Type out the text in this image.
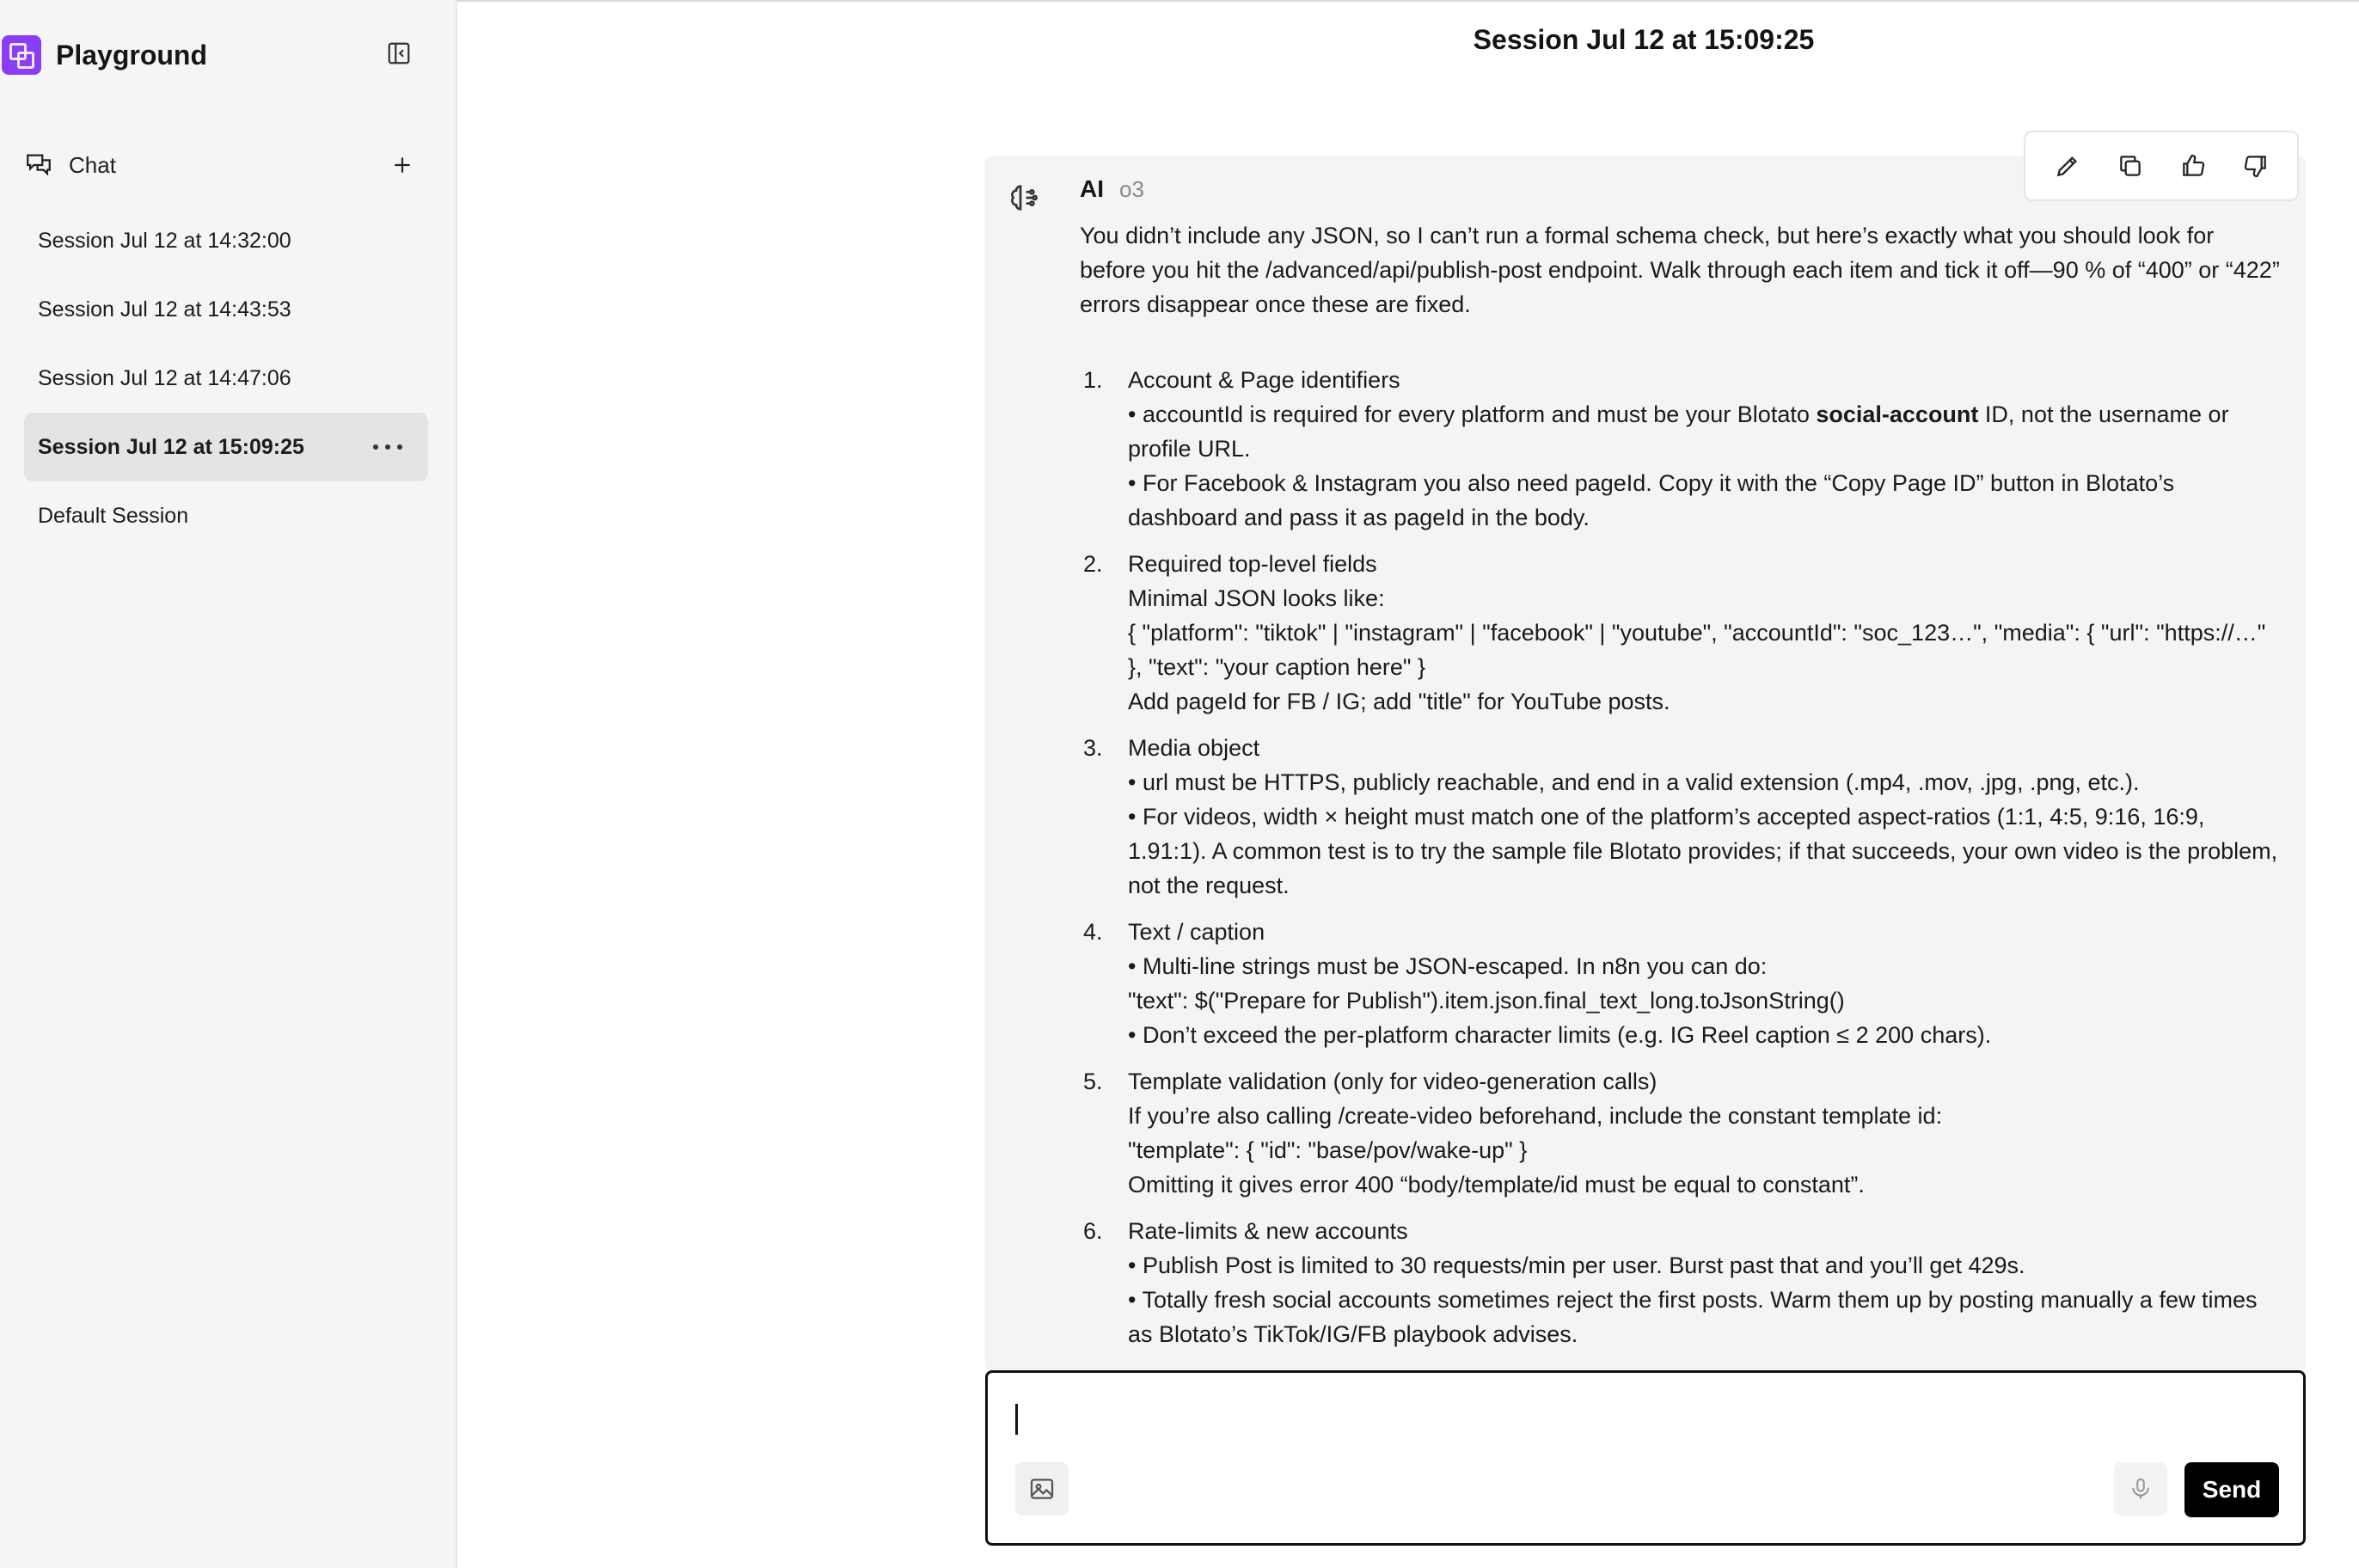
Playground
Chat
Session Jul 12 at 14:32:00
Session Jul 12 at 14:43:53
Session Jul 12 at 14:47:06
Session Jul 12 at 15:09:25
Default Session
Session Jul 12 at 15:09:25
AI o3
You didn’t include any JSON, so I can’t run a formal schema check, but here’s exactly what you should look for before you hit the /advanced/api/publish-post endpoint. Walk through each item and tick it off—90 % of “400” or “422” errors disappear once these are fixed.
1.	Account & Page identifiers
• accountId is required for every platform and must be your Blotato social-account ID, not the username or profile URL.
• For Facebook & Instagram you also need pageId. Copy it with the “Copy Page ID” button in Blotato’s dashboard and pass it as pageId in the body.
2.	Required top-level fields
Minimal JSON looks like:
{ "platform": "tiktok" | "instagram" | "facebook" | "youtube", "accountId": "soc_123…", "media": { "url": "https://…" }, "text": "your caption here" }
Add pageId for FB / IG; add "title" for YouTube posts.
3.	Media object
• url must be HTTPS, publicly reachable, and end in a valid extension (.mp4, .mov, .jpg, .png, etc.).
• For videos, width × height must match one of the platform’s accepted aspect-ratios (1:1, 4:5, 9:16, 16:9, 1.91:1). A common test is to try the sample file Blotato provides; if that succeeds, your own video is the problem, not the request.
4.	Text / caption
• Multi-line strings must be JSON-escaped. In n8n you can do:
"text": $("Prepare for Publish").item.json.final_text_long.toJsonString()
• Don’t exceed the per-platform character limits (e.g. IG Reel caption ≤ 2 200 chars).
5.	Template validation (only for video-generation calls)
If you’re also calling /create-video beforehand, include the constant template id:
"template": { "id": "base/pov/wake-up" }
Omitting it gives error 400 “body/template/id must be equal to constant”.
6.	Rate-limits & new accounts
• Publish Post is limited to 30 requests/min per user. Burst past that and you’ll get 429s.
• Totally fresh social accounts sometimes reject the first posts. Warm them up by posting manually a few times as Blotato’s TikTok/IG/FB playbook advises.
Send
